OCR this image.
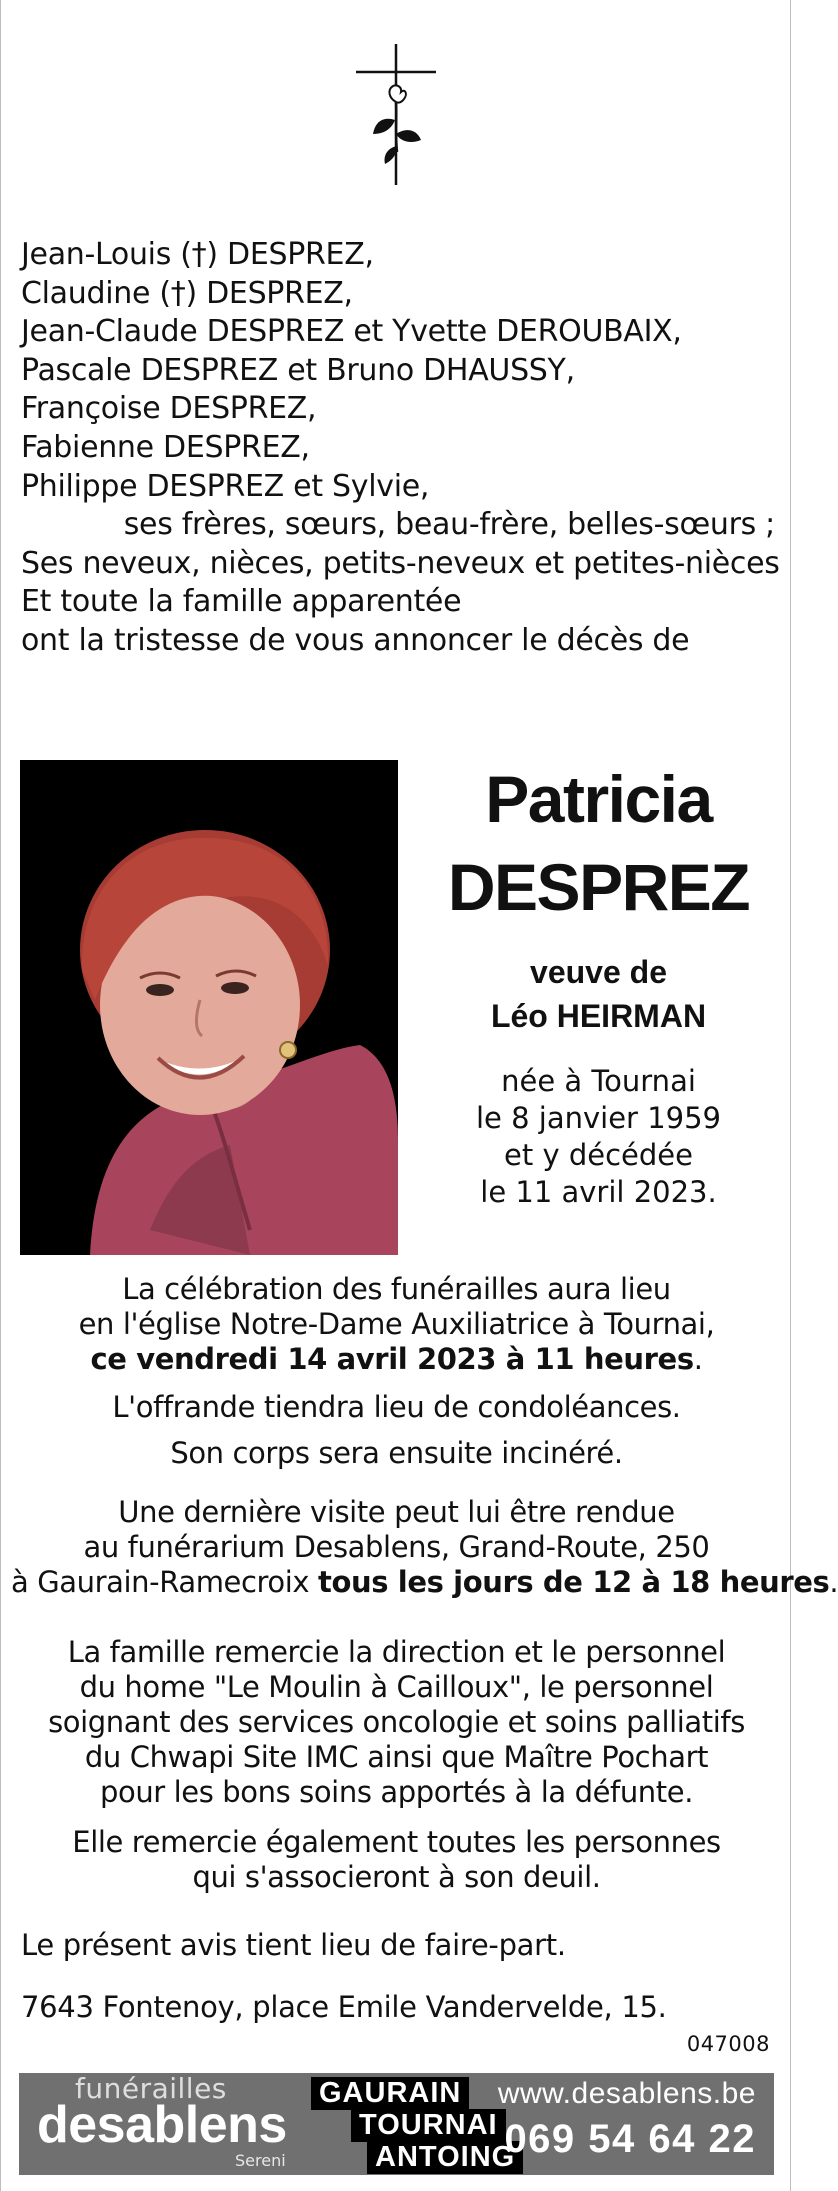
Jean-Louis (†) DESPREZ,
Claudine (†) DESPREZ,
Jean-Claude DESPREZ et Yvette DEROUBAIX,
Pascale DESPREZ et Bruno DHAUSSY,
Françoise DESPREZ,
Fabienne DESPREZ,
Philippe DESPREZ et Sylvie,
ses frères, sœurs, beau-frère, belles-sœurs ;
Ses neveux, nièces, petits-neveux et petites-nièces
Et toute la famille apparentée
ont la tristesse de vous annoncer le décès de
Patricia
DESPREZ
veuve de
Léo HEIRMAN
née à Tournai
le 8 janvier 1959
et y décédée
le 11 avril 2023.
La célébration des funérailles aura lieu
en l'église Notre-Dame Auxiliatrice à Tournai,
ce vendredi 14 avril 2023 à 11 heures.
L'offrande tiendra lieu de condoléances.
Son corps sera ensuite incinéré.
Une dernière visite peut lui être rendue
au funérarium Desablens, Grand-Route, 250
à Gaurain-Ramecroix tous les jours de 12 à 18 heures.
La famille remercie la direction et le personnel
du home "Le Moulin à Cailloux", le personnel
soignant des services oncologie et soins palliatifs
du Chwapi Site IMC ainsi que Maître Pochart
pour les bons soins apportés à la défunte.
Elle remercie également toutes les personnes
qui s'associeront à son deuil.
Le présent avis tient lieu de faire-part.
7643 Fontenoy, place Emile Vandervelde, 15.
047008
funérailles
desablens
Sereni
GAURAIN
TOURNAI
ANTOING
www.desablens.be
069 54 64 22
